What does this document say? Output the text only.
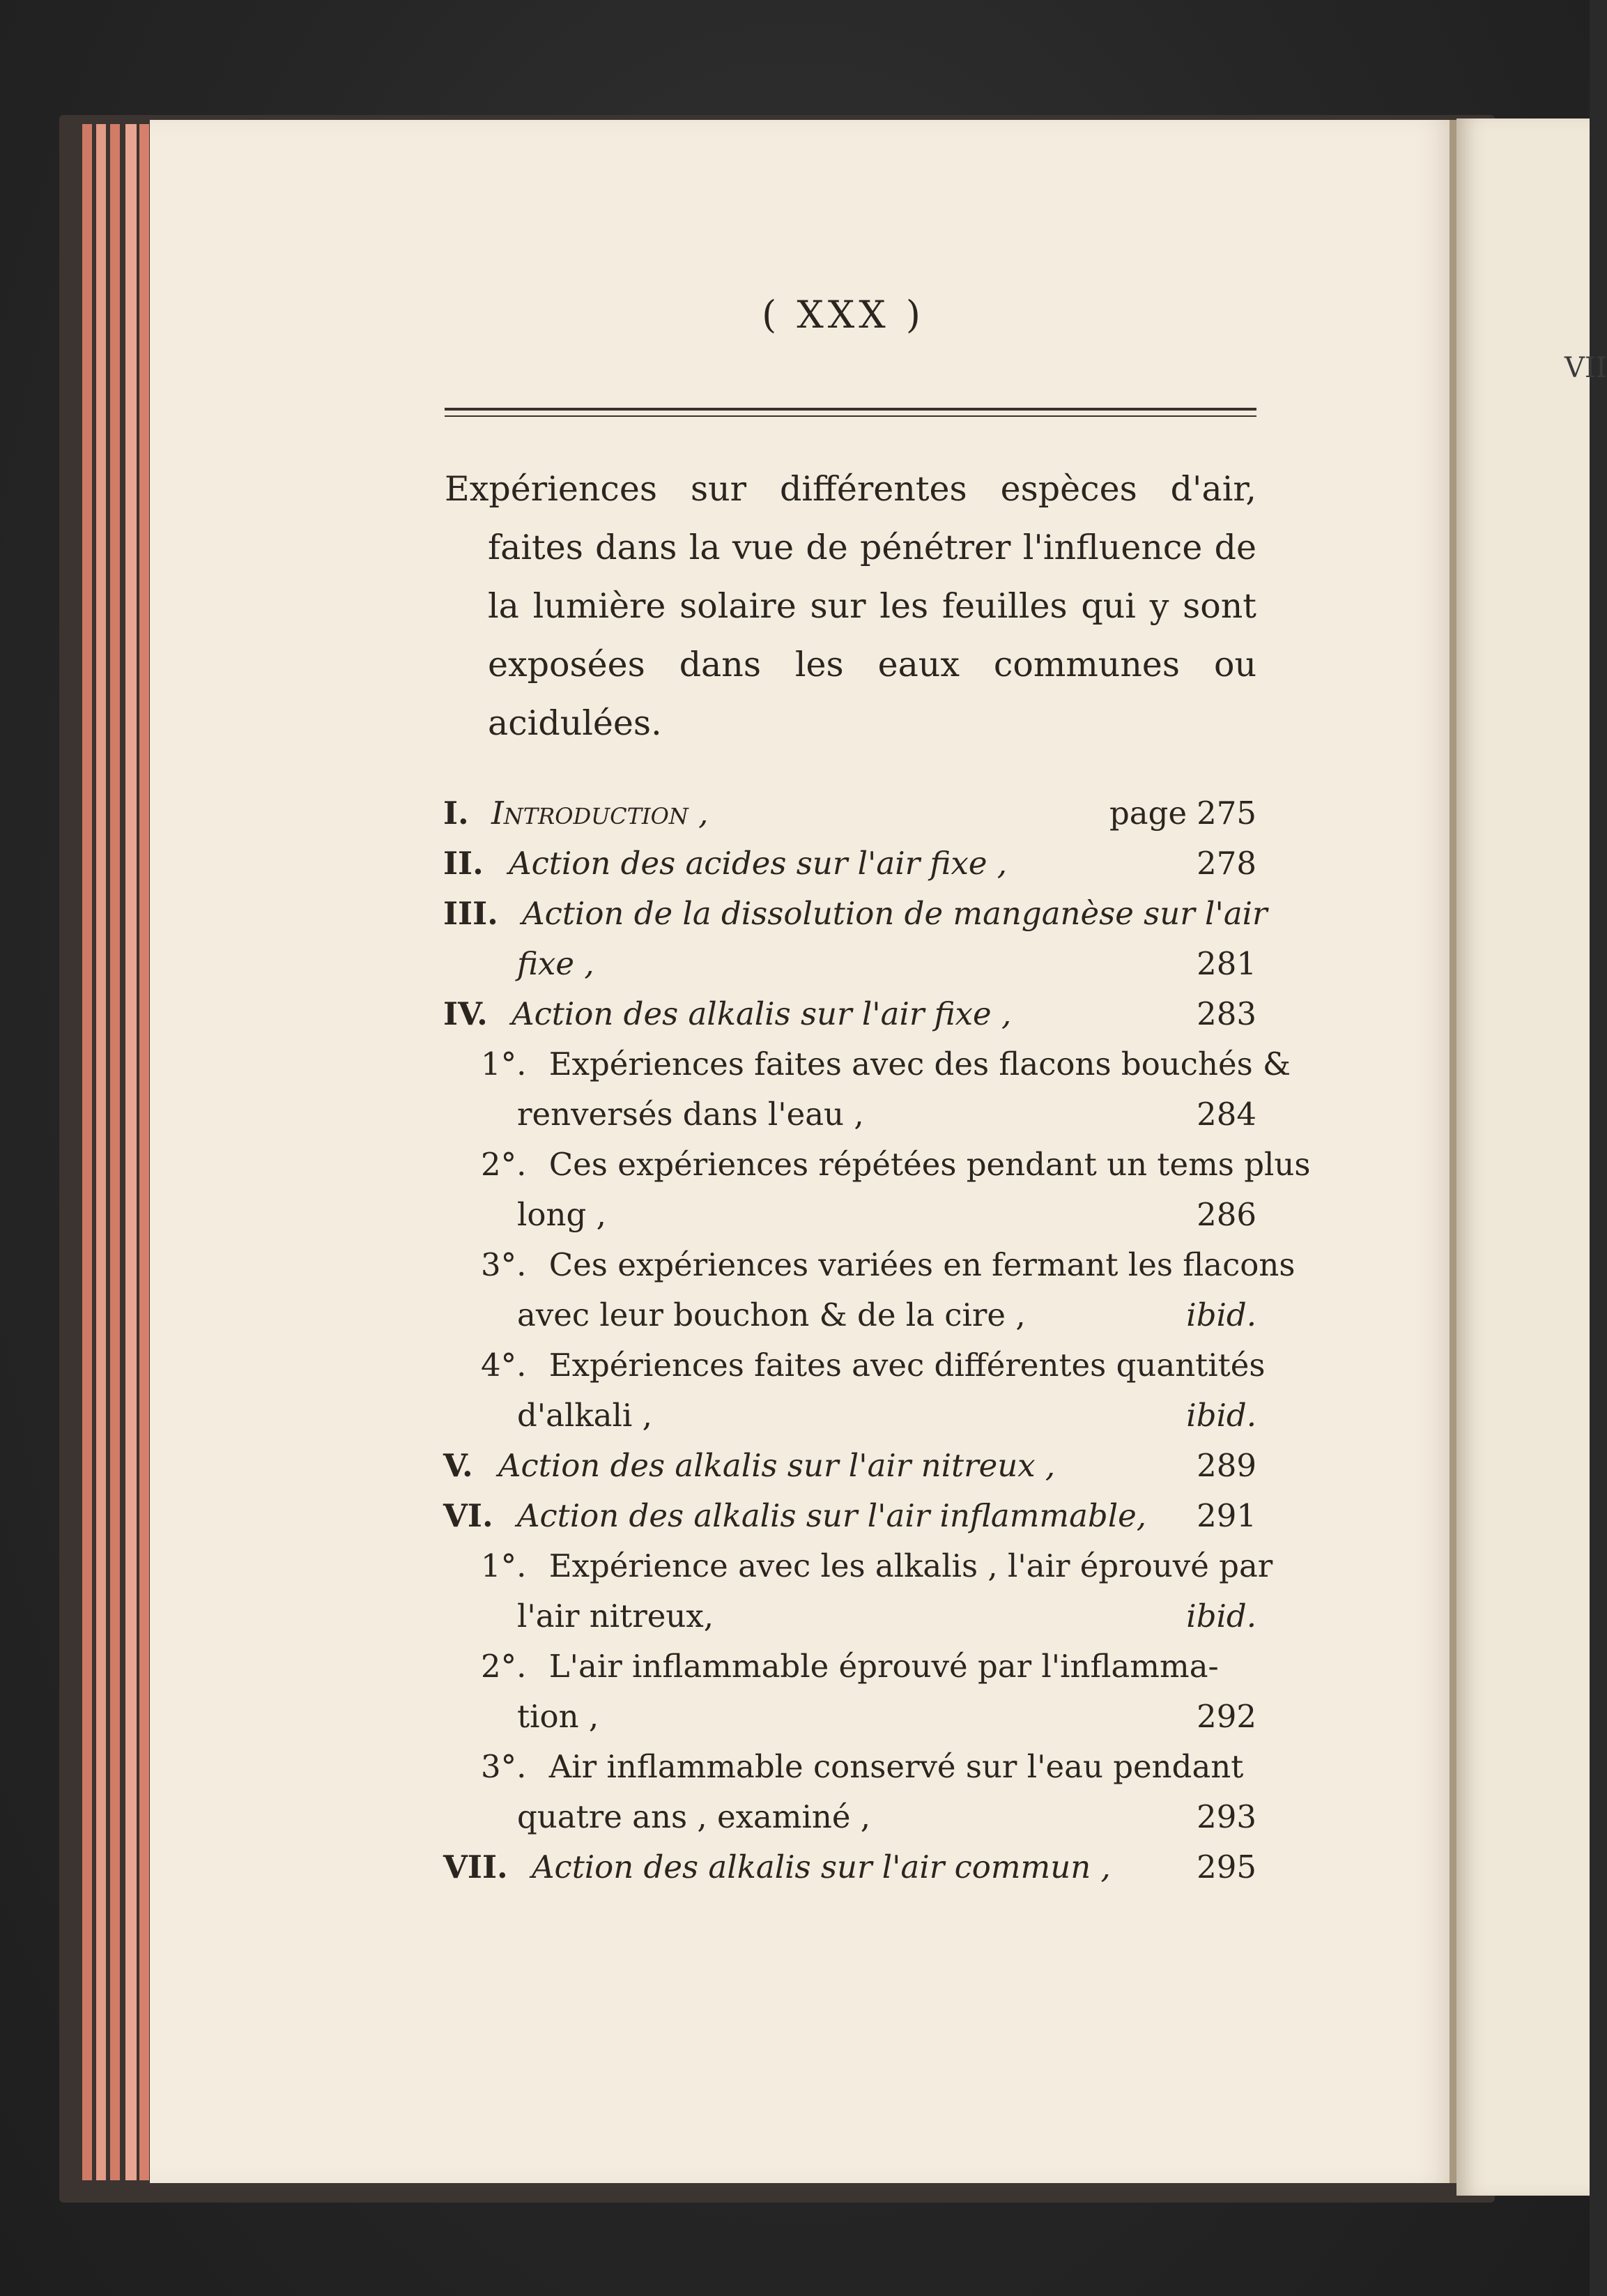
VII
( XXX )
Expériences sur différentes espèces d'air, faites dans la vue de pénétrer l'influence de la lumière solaire sur les feuilles qui y sont exposées dans les eaux communes ou acidulées.
I. Introduction ,	page 275
II. Action des acides sur l'air fixe ,	278
III. Action de la dissolution de manganèse sur l'air
fixe ,	281
IV. Action des alkalis sur l'air fixe ,	283
1°. Expériences faites avec des flacons bouchés &
renversés dans l'eau ,	284
2°. Ces expériences répétées pendant un tems plus
long ,	286
3°. Ces expériences variées en fermant les flacons
avec leur bouchon & de la cire ,	ibid.
4°. Expériences faites avec différentes quantités
d'alkali ,	ibid.
V. Action des alkalis sur l'air nitreux ,	289
VI. Action des alkalis sur l'air inflammable,	291
1°. Expérience avec les alkalis , l'air éprouvé par
l'air nitreux,	ibid.
2°. L'air inflammable éprouvé par l'inflamma-
tion ,	292
3°. Air inflammable conservé sur l'eau pendant
quatre ans , examiné ,	293
VII. Action des alkalis sur l'air commun ,	295
